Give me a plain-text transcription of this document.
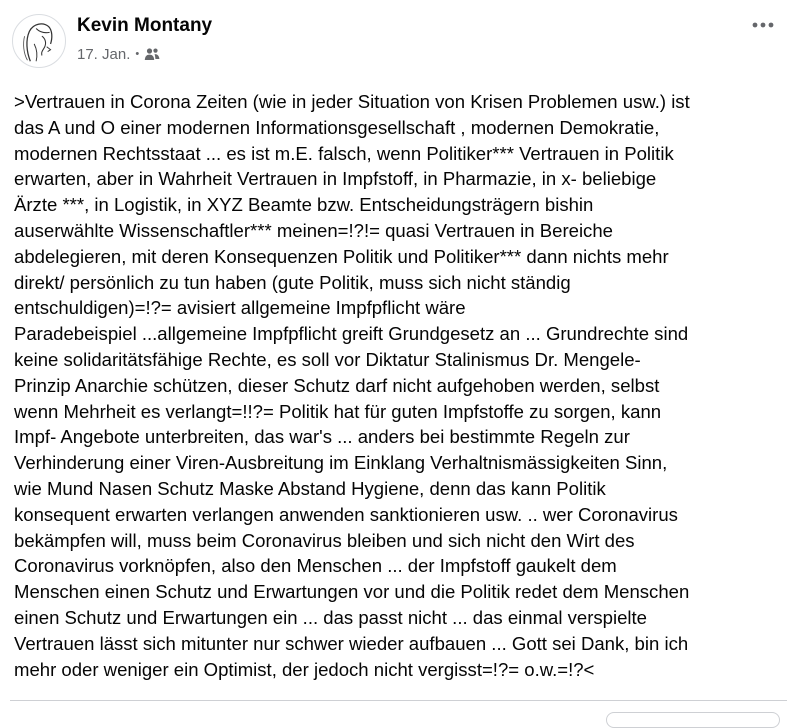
Kevin Montany
17. Jan. •
>Vertrauen in Corona Zeiten (wie in jeder Situation von Krisen Problemen usw.) ist
das A und O einer modernen Informationsgesellschaft , modernen Demokratie,
modernen Rechtsstaat ... es ist m.E. falsch, wenn Politiker*** Vertrauen in Politik
erwarten, aber in Wahrheit Vertrauen in Impfstoff, in Pharmazie, in x- beliebige
Ärzte ***, in Logistik, in XYZ Beamte bzw. Entscheidungsträgern bishin
auserwählte Wissenschaftler*** meinen=!?!= quasi Vertrauen in Bereiche
abdelegieren, mit deren Konsequenzen Politik und Politiker*** dann nichts mehr
direkt/ persönlich zu tun haben (gute Politik, muss sich nicht ständig
entschuldigen)=!?= avisiert allgemeine Impfpflicht wäre
Paradebeispiel ...allgemeine Impfpflicht greift Grundgesetz an ... Grundrechte sind
keine solidaritätsfähige Rechte, es soll vor Diktatur Stalinismus Dr. Mengele-
Prinzip Anarchie schützen, dieser Schutz darf nicht aufgehoben werden, selbst
wenn Mehrheit es verlangt=!!?= Politik hat für guten Impfstoffe zu sorgen, kann
Impf- Angebote unterbreiten, das war's ... anders bei bestimmte Regeln zur
Verhinderung einer Viren-Ausbreitung im Einklang Verhaltnismässigkeiten Sinn,
wie Mund Nasen Schutz Maske Abstand Hygiene, denn das kann Politik
konsequent erwarten verlangen anwenden sanktionieren usw. .. wer Coronavirus
bekämpfen will, muss beim Coronavirus bleiben und sich nicht den Wirt des
Coronavirus vorknöpfen, also den Menschen ... der Impfstoff gaukelt dem
Menschen einen Schutz und Erwartungen vor und die Politik redet dem Menschen
einen Schutz und Erwartungen ein ... das passt nicht ... das einmal verspielte
Vertrauen lässt sich mitunter nur schwer wieder aufbauen ... Gott sei Dank, bin ich
mehr oder weniger ein Optimist, der jedoch nicht vergisst=!?= o.w.=!?<
